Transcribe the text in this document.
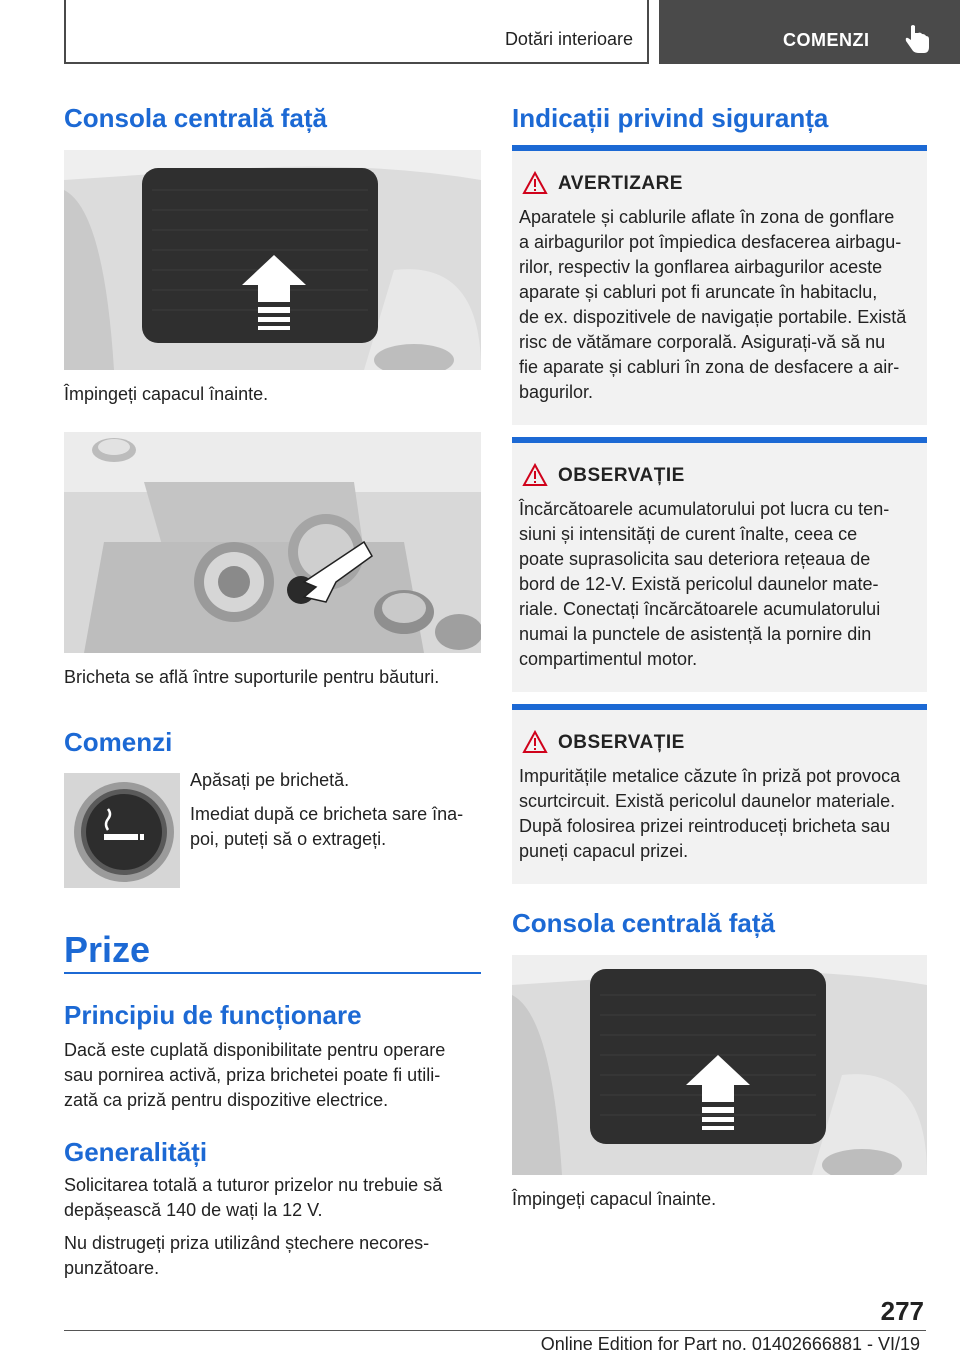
Dotări interioare	COMENZI
Consola centrală față
Împingeți capacul înainte.
Bricheta se află între suporturile pentru băuturi.
Comenzi
Apăsați pe brichetă.
Imediat după ce bricheta sare îna-
poi, puteți să o extrageți.
Prize
Principiu de funcționare
Dacă este cuplată disponibilitate pentru operare
sau pornirea activă, priza brichetei poate fi utili-
zată ca priză pentru dispozitive electrice.
Generalități
Solicitarea totală a tuturor prizelor nu trebuie să
depășească 140 de wați la 12 V.
Nu distrugeți priza utilizând ștechere necores-
punzătoare.
Indicații privind siguranța
AVERTIZARE
Aparatele și cablurile aflate în zona de gonflare
a airbagurilor pot împiedica desfacerea airbagu-
rilor, respectiv la gonflarea airbagurilor aceste
aparate și cabluri pot fi aruncate în habitaclu,
de ex. dispozitivele de navigație portabile. Există
risc de vătămare corporală. Asigurați-vă să nu
fie aparate și cabluri în zona de desfacere a air-
bagurilor.
OBSERVAȚIE
Încărcătoarele acumulatorului pot lucra cu ten-
siuni și intensități de curent înalte, ceea ce
poate suprasolicita sau deteriora rețeaua de
bord de 12-V. Există pericolul daunelor mate-
riale. Conectați încărcătoarele acumulatorului
numai la punctele de asistență la pornire din
compartimentul motor.
OBSERVAȚIE
Impuritățile metalice căzute în priză pot provoca
scurtcircuit. Există pericolul daunelor materiale.
După folosirea prizei reintroduceți bricheta sau
puneți capacul prizei.
Consola centrală față
Împingeți capacul înainte.
277
Online Edition for Part no. 01402666881 - VI/19
